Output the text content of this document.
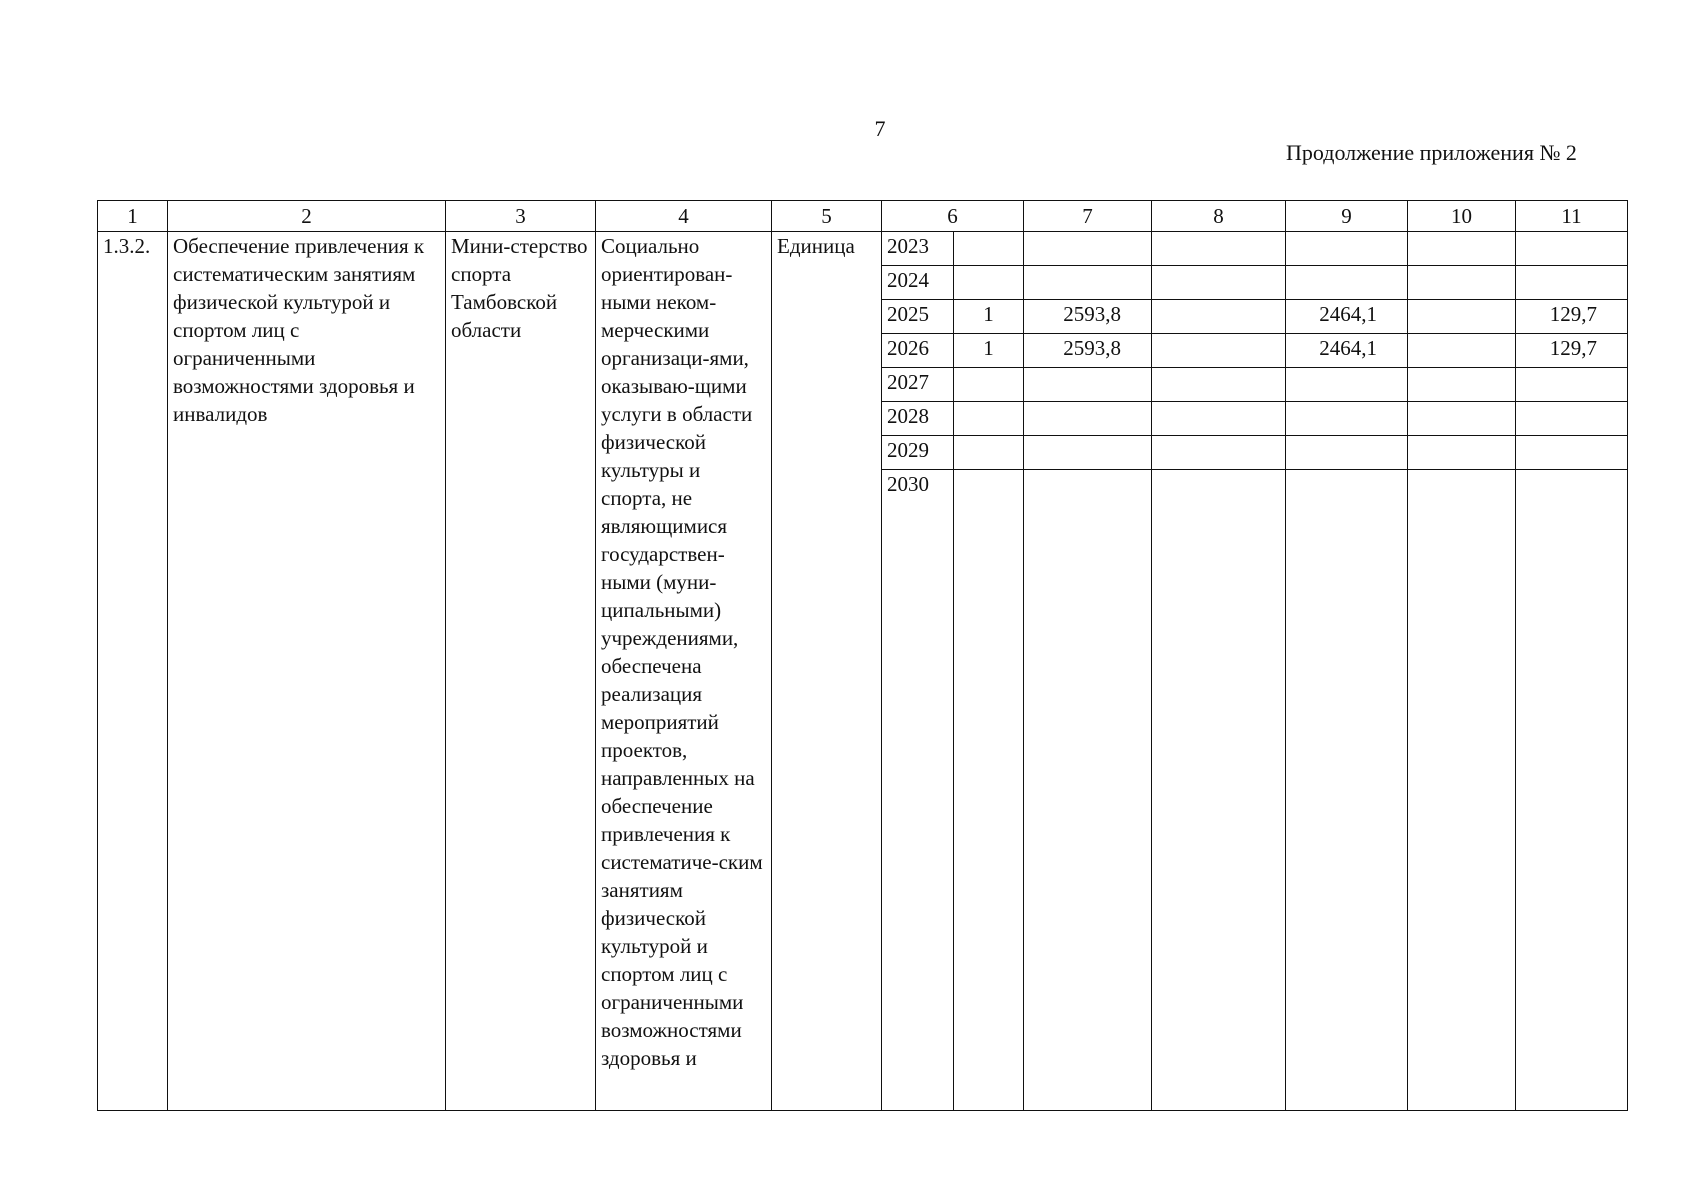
7
Продолжение приложения № 2
1	2	3	4	5	6		7	8	9	10	11
1.3.2.	Обеспечение привлечения к систематическим занятиям физической культурой и спортом лиц с ограниченными возможностями здоровья и инвалидов	Мини-стерство спорта Тамбовской области	Социально ориентирован-ными неком-мерческими организаци-ями, оказываю-щими услуги в области физической культуры и спорта, не являющимися государствен-ными (муни-ципальными) учреждениями, обеспечена реализация мероприятий проектов, направленных на обеспечение привлечения к систематиче-ским занятиям физической культурой и спортом лиц с ограниченными возможностями здоровья и	Единица	2023						
					2024						
					2025	1	2593,8		2464,1		129,7
					2026	1	2593,8		2464,1		129,7
					2027						
					2028						
					2029						
					2030						
